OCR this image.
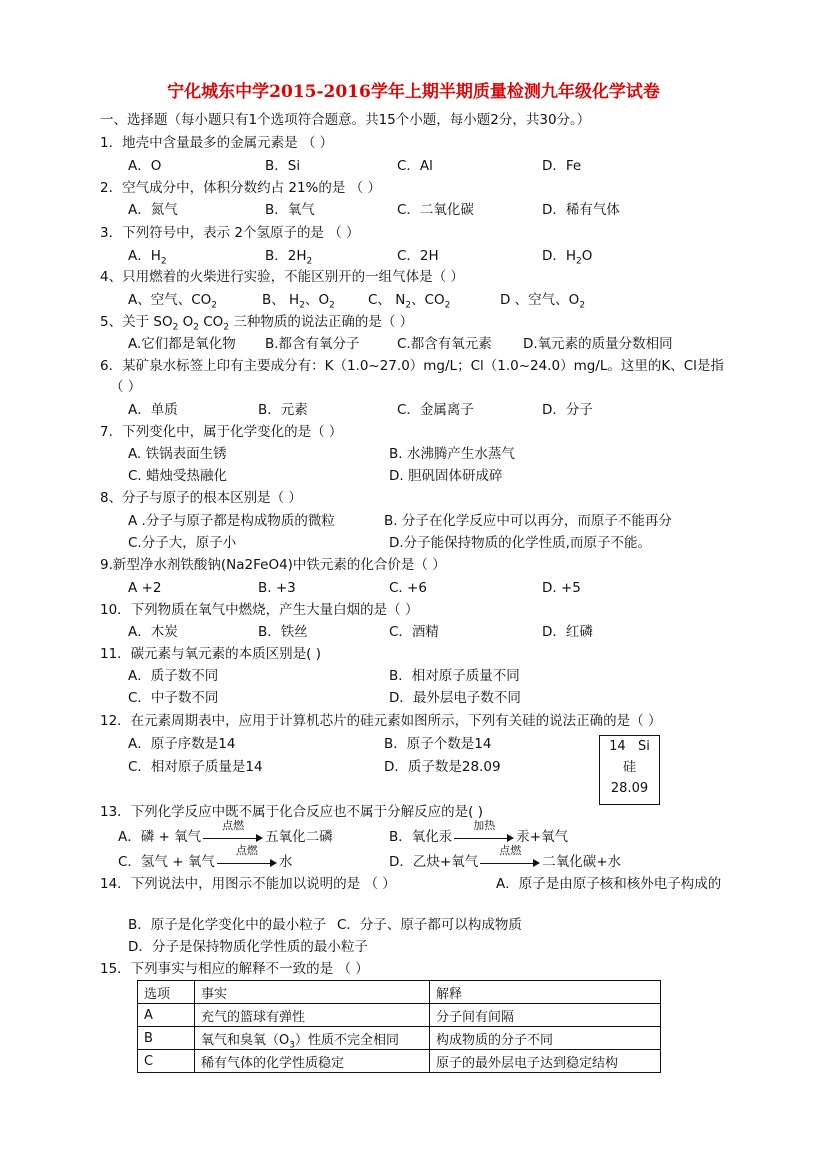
宁化城东中学2015-2016学年上期半期质量检测九年级化学试卷
一、选择题（每小题只有1个选项符合题意。共15个小题，每小题2分，共30分。）
1．地壳中含量最多的金属元素是 （ ）
A．O	B．Si	C．Al	D．Fe
2．空气成分中，体积分数约占 21%的是 （ ）
A．氮气	B．氧气	C．二氧化碳	D．稀有气体
3．下列符号中，表示 2个氢原子的是 （ ）
A．$H_2$	B．$2H_2$	C．2H	D．$H_2O$
4、只用燃着的火柴进行实验，不能区别开的一组气体是（ ）
A、空气、$CO_2$	B、 $H_2$、$O_2$ C、 $N_2$、$CO_2$	D 、空气、$O_2$
5、关于 $SO_2$ $O_2$ $CO_2$ 三种物质的说法正确的是（ ）
A.它们都是氧化物 B.都含有氧分子	C.都含有氧元素 D.氧元素的质量分数相同
6．某矿泉水标签上印有主要成分有：K（1.0~27.0）mg/L；Cl（1.0~24.0）mg/L。这里的K、Cl是指
（ ）
A．单质	B．元素	C．金属离子	D．分子
7．下列变化中，属于化学变化的是（ ）
A. 铁锅表面生锈	B. 水沸腾产生水蒸气
C. 蜡烛受热融化	D. 胆矾固体研成碎
8、分子与原子的根本区别是（ ）
A .分子与原子都是构成物质的微粒	B. 分子在化学反应中可以再分，而原子不能再分
C.分子大，原子小	D.分子能保持物质的化学性质,而原子不能。
9.新型净水剂铁酸钠(Na2FeO4)中铁元素的化合价是（ ）
A +2	B. +3	C. +6	D. +5
10．下列物质在氧气中燃烧，产生大量白烟的是（ ）
A．木炭	B．铁丝	C．酒精	D．红磷
11．碳元素与氧元素的本质区别是( )
A．质子数不同	B．相对原子质量不同
C．中子数不同	D．最外层电子数不同
12．在元素周期表中，应用于计算机芯片的硅元素如图所示，下列有关硅的说法正确的是（ ）
A．原子序数是14	B．原子个数是14
C．相对原子质量是14	D．质子数是28.09
14 Si
硅
28.09
13．下列化学反应中既不属于化合反应也不属于分解反应的是( )
A．磷 + 氧气
点燃
五氧化二磷	B．氧化汞
加热
汞+氧气
C．氢气 + 氧气
点燃
水	D．乙炔+氧气
点燃
二氧化碳+水
14．下列说法中，用图示不能加以说明的是 （ ）	A．原子是由原子核和核外电子构成的
B．原子是化学变化中的最小粒子 C．分子、原子都可以构成物质
D．分子是保持物质化学性质的最小粒子
15．下列事实与相应的解释不一致的是 （ ）
选项	事实	解释
A	充气的篮球有弹性	分子间有间隔
B	氧气和臭氧$(O_3)$性质不完全相同	构成物质的分子不同
C	稀有气体的化学性质稳定	原子的最外层电子达到稳定结构
